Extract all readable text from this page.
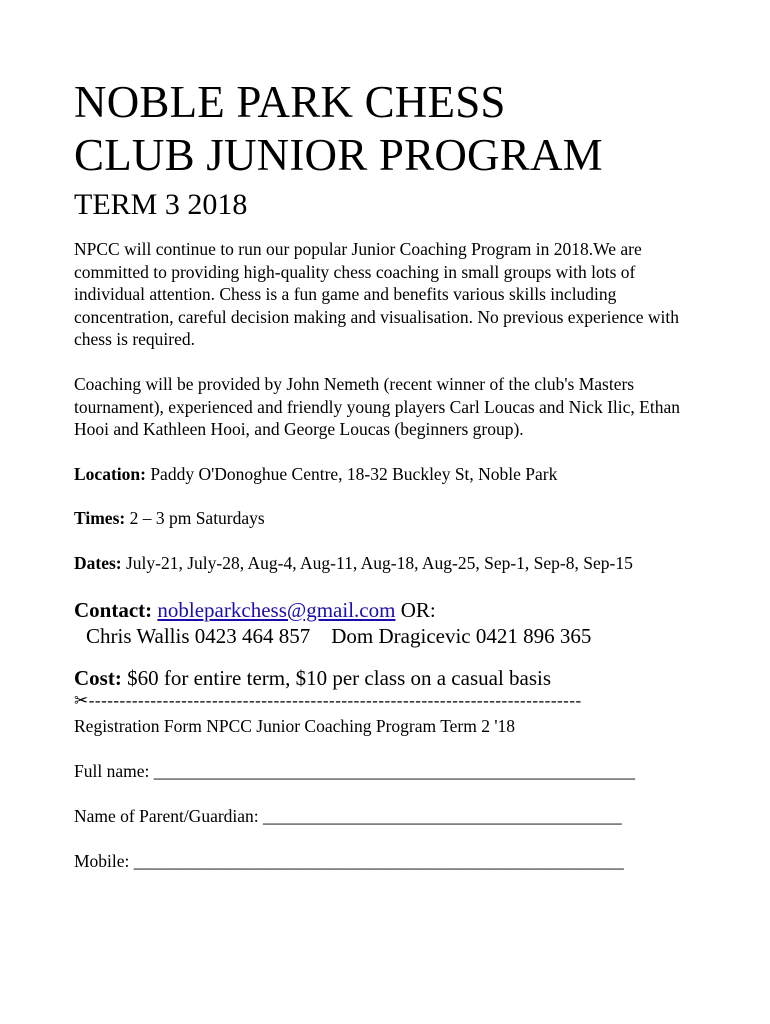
NOBLE PARK CHESS
CLUB JUNIOR PROGRAM
TERM 3 2018

NPCC will continue to run our popular Junior Coaching Program in 2018.We are committed to providing high-quality chess coaching in small groups with lots of individual attention. Chess is a fun game and benefits various skills including concentration, careful decision making and visualisation. No previous experience with chess is required.

Coaching will be provided by John Nemeth (recent winner of the club's Masters tournament), experienced and friendly young players Carl Loucas and Nick Ilic, Ethan Hooi and Kathleen Hooi, and George Loucas (beginners group).

Location: Paddy O'Donoghue Centre, 18-32 Buckley St, Noble Park

Times: 2 – 3 pm Saturdays

Dates: July-21, July-28, Aug-4, Aug-11, Aug-18, Aug-25, Sep-1, Sep-8, Sep-15

Contact: nobleparkchess@gmail.com OR:

Chris Wallis 0423 464 857    Dom Dragicevic 0421 896 365

Cost: $60 for entire term, $10 per class on a casual basis

✂--------------------------------------------------------------------------------

Registration Form NPCC Junior Coaching Program Term 2 '18

Full name: _______________________________________________________

Name of Parent/Guardian: _________________________________________

Mobile: ________________________________________________________
